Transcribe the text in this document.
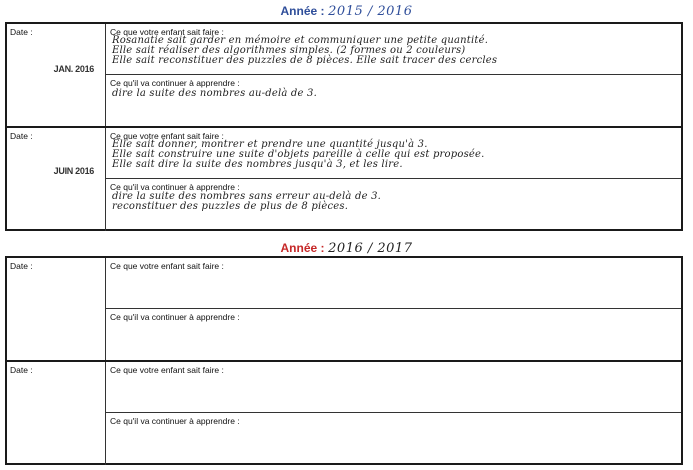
Année : 2015 / 2016
Date :
JAN. 2016
Ce que votre enfant sait faire :
Rosanatie sait garder en mémoire et communiquer une petite quantité.
Elle sait réaliser des algorithmes simples. (2 formes ou 2 couleurs)
Elle sait reconstituer des puzzles de 8 pièces. Elle sait tracer des cercles
Ce qu'il va continuer à apprendre :
dire la suite des nombres au-delà de 3.
Date :
JUIN 2016
Ce que votre enfant sait faire :
Elle sait donner, montrer et prendre une quantité jusqu'à 3.
Elle sait construire une suite d'objets pareille à celle qui est proposée.
Elle sait dire la suite des nombres jusqu'à 3, et les lire.
Ce qu'il va continuer à apprendre :
dire la suite des nombres sans erreur au-delà de 3.
reconstituer des puzzles de plus de 8 pièces.
Année : 2016 / 2017
Date :	Ce que votre enfant sait faire :
Ce qu'il va continuer à apprendre :
Date :	Ce que votre enfant sait faire :
Ce qu'il va continuer à apprendre :
